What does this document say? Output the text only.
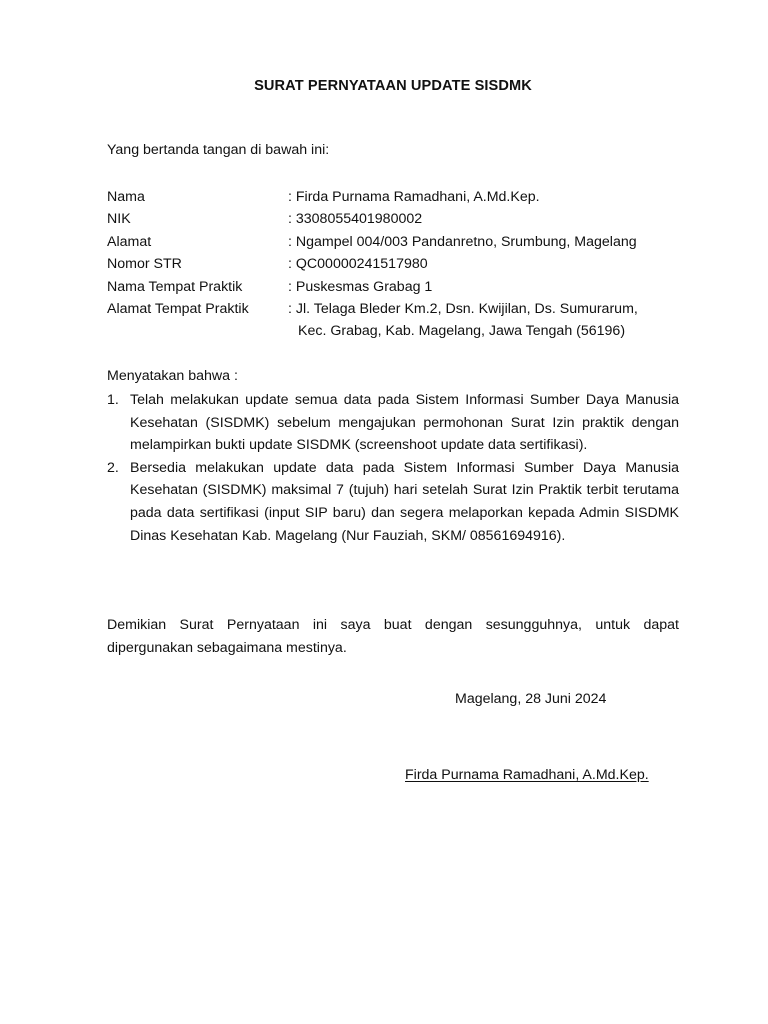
SURAT PERNYATAAN UPDATE SISDMK
Yang bertanda tangan di bawah ini:
Nama	: Firda Purnama Ramadhani, A.Md.Kep.
NIK	: 3308055401980002
Alamat	: Ngampel 004/003 Pandanretno, Srumbung, Magelang
Nomor STR	: QC00000241517980
Nama Tempat Praktik	: Puskesmas Grabag 1
Alamat Tempat Praktik	: Jl. Telaga Bleder Km.2, Dsn. Kwijilan, Ds. Sumurarum,
Kec. Grabag, Kab. Magelang, Jawa Tengah (56196)
Menyatakan bahwa :
1. Telah melakukan update semua data pada Sistem Informasi Sumber Daya Manusia Kesehatan (SISDMK) sebelum mengajukan permohonan Surat Izin praktik dengan melampirkan bukti update SISDMK (screenshoot update data sertifikasi).
2. Bersedia melakukan update data pada Sistem Informasi Sumber Daya Manusia Kesehatan (SISDMK) maksimal 7 (tujuh) hari setelah Surat Izin Praktik terbit terutama pada data sertifikasi (input SIP baru) dan segera melaporkan kepada Admin SISDMK Dinas Kesehatan Kab. Magelang (Nur Fauziah, SKM/ 08561694916).
Demikian Surat Pernyataan ini saya buat dengan sesungguhnya, untuk dapat dipergunakan sebagaimana mestinya.
Magelang, 28 Juni 2024
Firda Purnama Ramadhani, A.Md.Kep.
